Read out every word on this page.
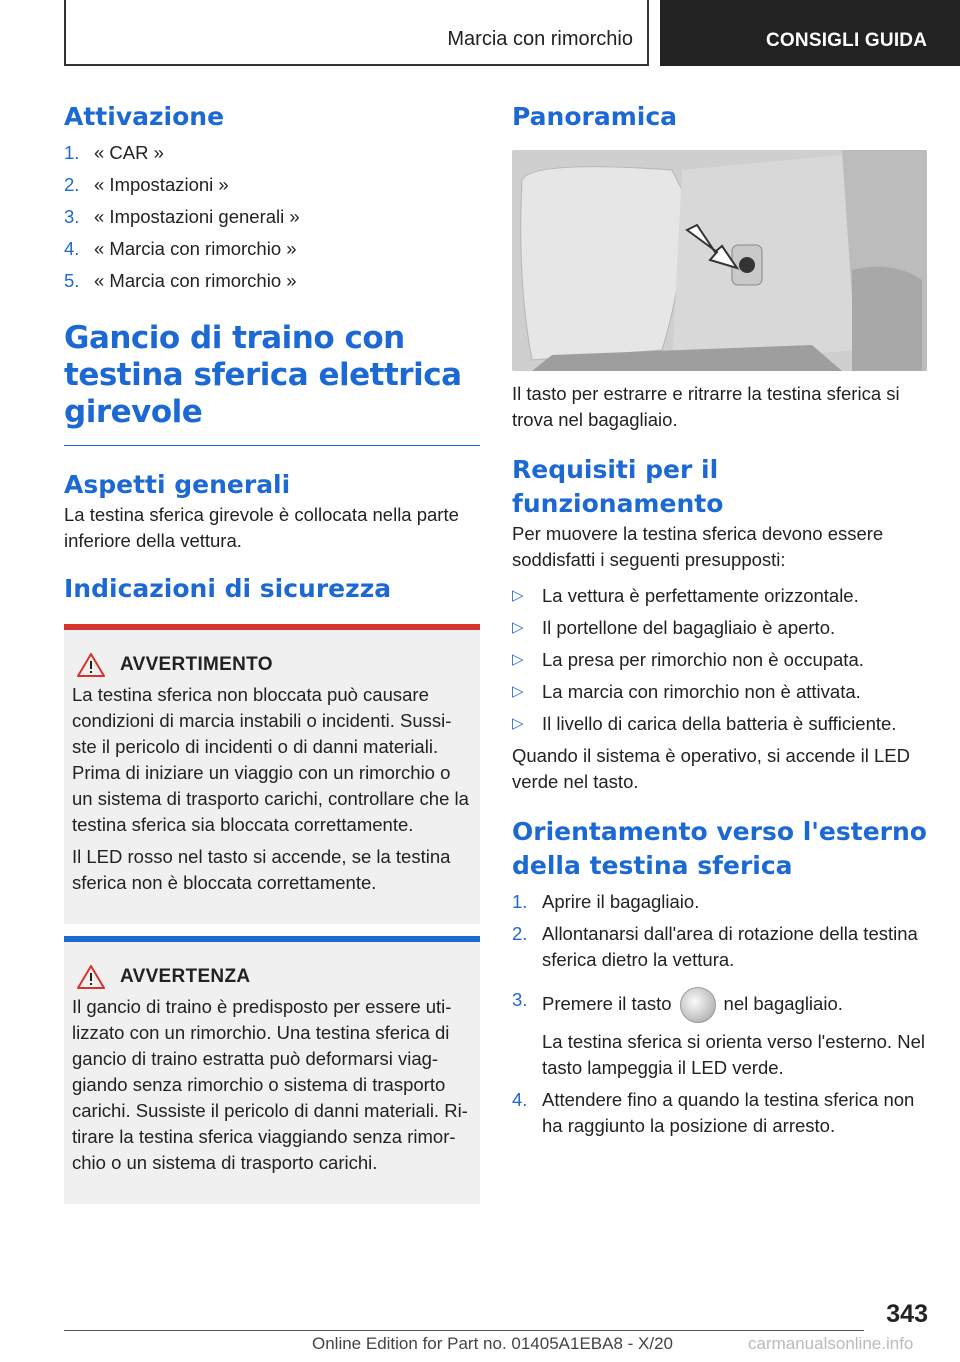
Marcia con rimorchio	CONSIGLI GUIDA
Attivazione
1. « CAR »
2. « Impostazioni »
3. « Impostazioni generali »
4. « Marcia con rimorchio »
5. « Marcia con rimorchio »
Gancio di traino con testina sferica elettrica girevole
Aspetti generali

La testina sferica girevole è collocata nella parte inferiore della vettura.

Indicazioni di sicurezza
AVVERTIMENTO

La testina sferica non bloccata può causare condizioni di marcia instabili o incidenti. Sussi-ste il pericolo di incidenti o di danni materiali. Prima di iniziare un viaggio con un rimorchio o un sistema di trasporto carichi, controllare che la testina sferica sia bloccata correttamente.

Il LED rosso nel tasto si accende, se la testina sferica non è bloccata correttamente.

AVVERTENZA

Il gancio di traino è predisposto per essere uti-lizzato con un rimorchio. Una testina sferica di gancio di traino estratta può deformarsi viag-giando senza rimorchio o sistema di trasporto carichi. Sussiste il pericolo di danni materiali. Ri-tirare la testina sferica viaggiando senza rimor-chio o un sistema di trasporto carichi.

Panoramica

Il tasto per estrarre e ritrarre la testina sferica si trova nel bagagliaio.

Requisiti per il funzionamento

Per muovere la testina sferica devono essere soddisfatti i seguenti presupposti:

▷ La vettura è perfettamente orizzontale.
▷ Il portellone del bagagliaio è aperto.
▷ La presa per rimorchio non è occupata.
▷ La marcia con rimorchio non è attivata.
▷ Il livello di carica della batteria è sufficiente.

Quando il sistema è operativo, si accende il LED verde nel tasto.

Orientamento verso l'esterno della testina sferica
1. Aprire il bagagliaio.
2. Allontanarsi dall'area di rotazione della testina sferica dietro la vettura.
3. Premere il tasto	nel bagagliaio.

La testina sferica si orienta verso l'esterno. Nel tasto lampeggia il LED verde.

4. Attendere fino a quando la testina sferica non ha raggiunto la posizione di arresto.
343
Online Edition for Part no. 01405A1EBA8 - X/20	carmanualsonline.info
